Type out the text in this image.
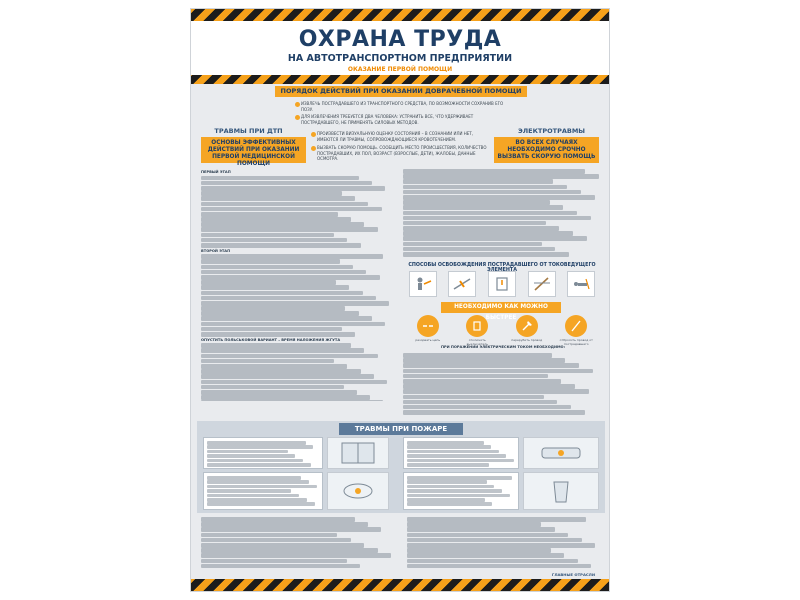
ОХРАНА ТРУДА
НА АВТОТРАНСПОРТНОМ ПРЕДПРИЯТИИ
ОКАЗАНИЕ ПЕРВОЙ ПОМОЩИ
ПОРЯДОК ДЕЙСТВИЙ ПРИ ОКАЗАНИИ ДОВРАЧЕБНОЙ ПОМОЩИ

ИЗВЛЕЧЬ ПОСТРАДАВШЕГО ИЗ ТРАНСПОРТНОГО СРЕДСТВА, ПО ВОЗМОЖНОСТИ СОХРАНИВ ЕГО ПОЗУ.

ДЛЯ ИЗВЛЕЧЕНИЯ ТРЕБУЕТСЯ ДВА ЧЕЛОВЕКА: УСТРАНИТЬ ВСЕ, ЧТО УДЕРЖИВАЕТ ПОСТРАДАВШЕГО, НЕ ПРИМЕНЯТЬ СИЛОВЫХ МЕТОДОВ.

ТРАВМЫ ПРИ ДТП	ЭЛЕКТРОТРАВМЫ
ОСНОВЫ ЭФФЕКТИВНЫХ ДЕЙСТВИЙ ПРИ ОКАЗАНИИ ПЕРВОЙ МЕДИЦИНСКОЙ ПОМОЩИ
ВО ВСЕХ СЛУЧАЯХ НЕОБХОДИМО СРОЧНО ВЫЗВАТЬ СКОРУЮ ПОМОЩЬ

ПРОИЗВЕСТИ ВИЗУАЛЬНУЮ ОЦЕНКУ СОСТОЯНИЯ – В СОЗНАНИИ ИЛИ НЕТ, ИМЕЮТСЯ ЛИ ТРАВМЫ, СОПРОВОЖДАЮЩИЕСЯ КРОВОТЕЧЕНИЕМ.

ВЫЗВАТЬ СКОРУЮ ПОМОЩЬ. СООБЩИТЬ МЕСТО ПРОИСШЕСТВИЯ, КОЛИЧЕСТВО ПОСТРАДАВШИХ, ИХ ПОЛ, ВОЗРАСТ (ВЗРОСЛЫЕ, ДЕТИ), ЖАЛОБЫ, ДАННЫЕ ОСМОТРА.

ПЕРВЫЙ ЭТАП
ВТОРОЙ ЭТАП
ОПУСТИТЬ ПОЛЬСЬКОВОЙ ВАРИАНТ – ВРЕМЯ НАЛОЖЕНИЯ ЖГУТА
СПОСОБЫ ОСВОБОЖДЕНИЯ ПОСТРАДАВШЕГО ОТ ТОКОВЕДУЩЕГО
НЕОБХОДИМО КАК МОЖНО БЫСТРЕЕ
разорвать цепь	отключить выключатель
перерубить провод	отбросить провод от пострадавшего
ПРИ ПОРАЖЕНИИ ЭЛЕКТРИЧЕСКИМ ТОКОМ НЕОБХОДИМО:
ТРАВМЫ ПРИ ПОЖАРЕ
ГЛАВНЫЕ ОТРАСЛИ
